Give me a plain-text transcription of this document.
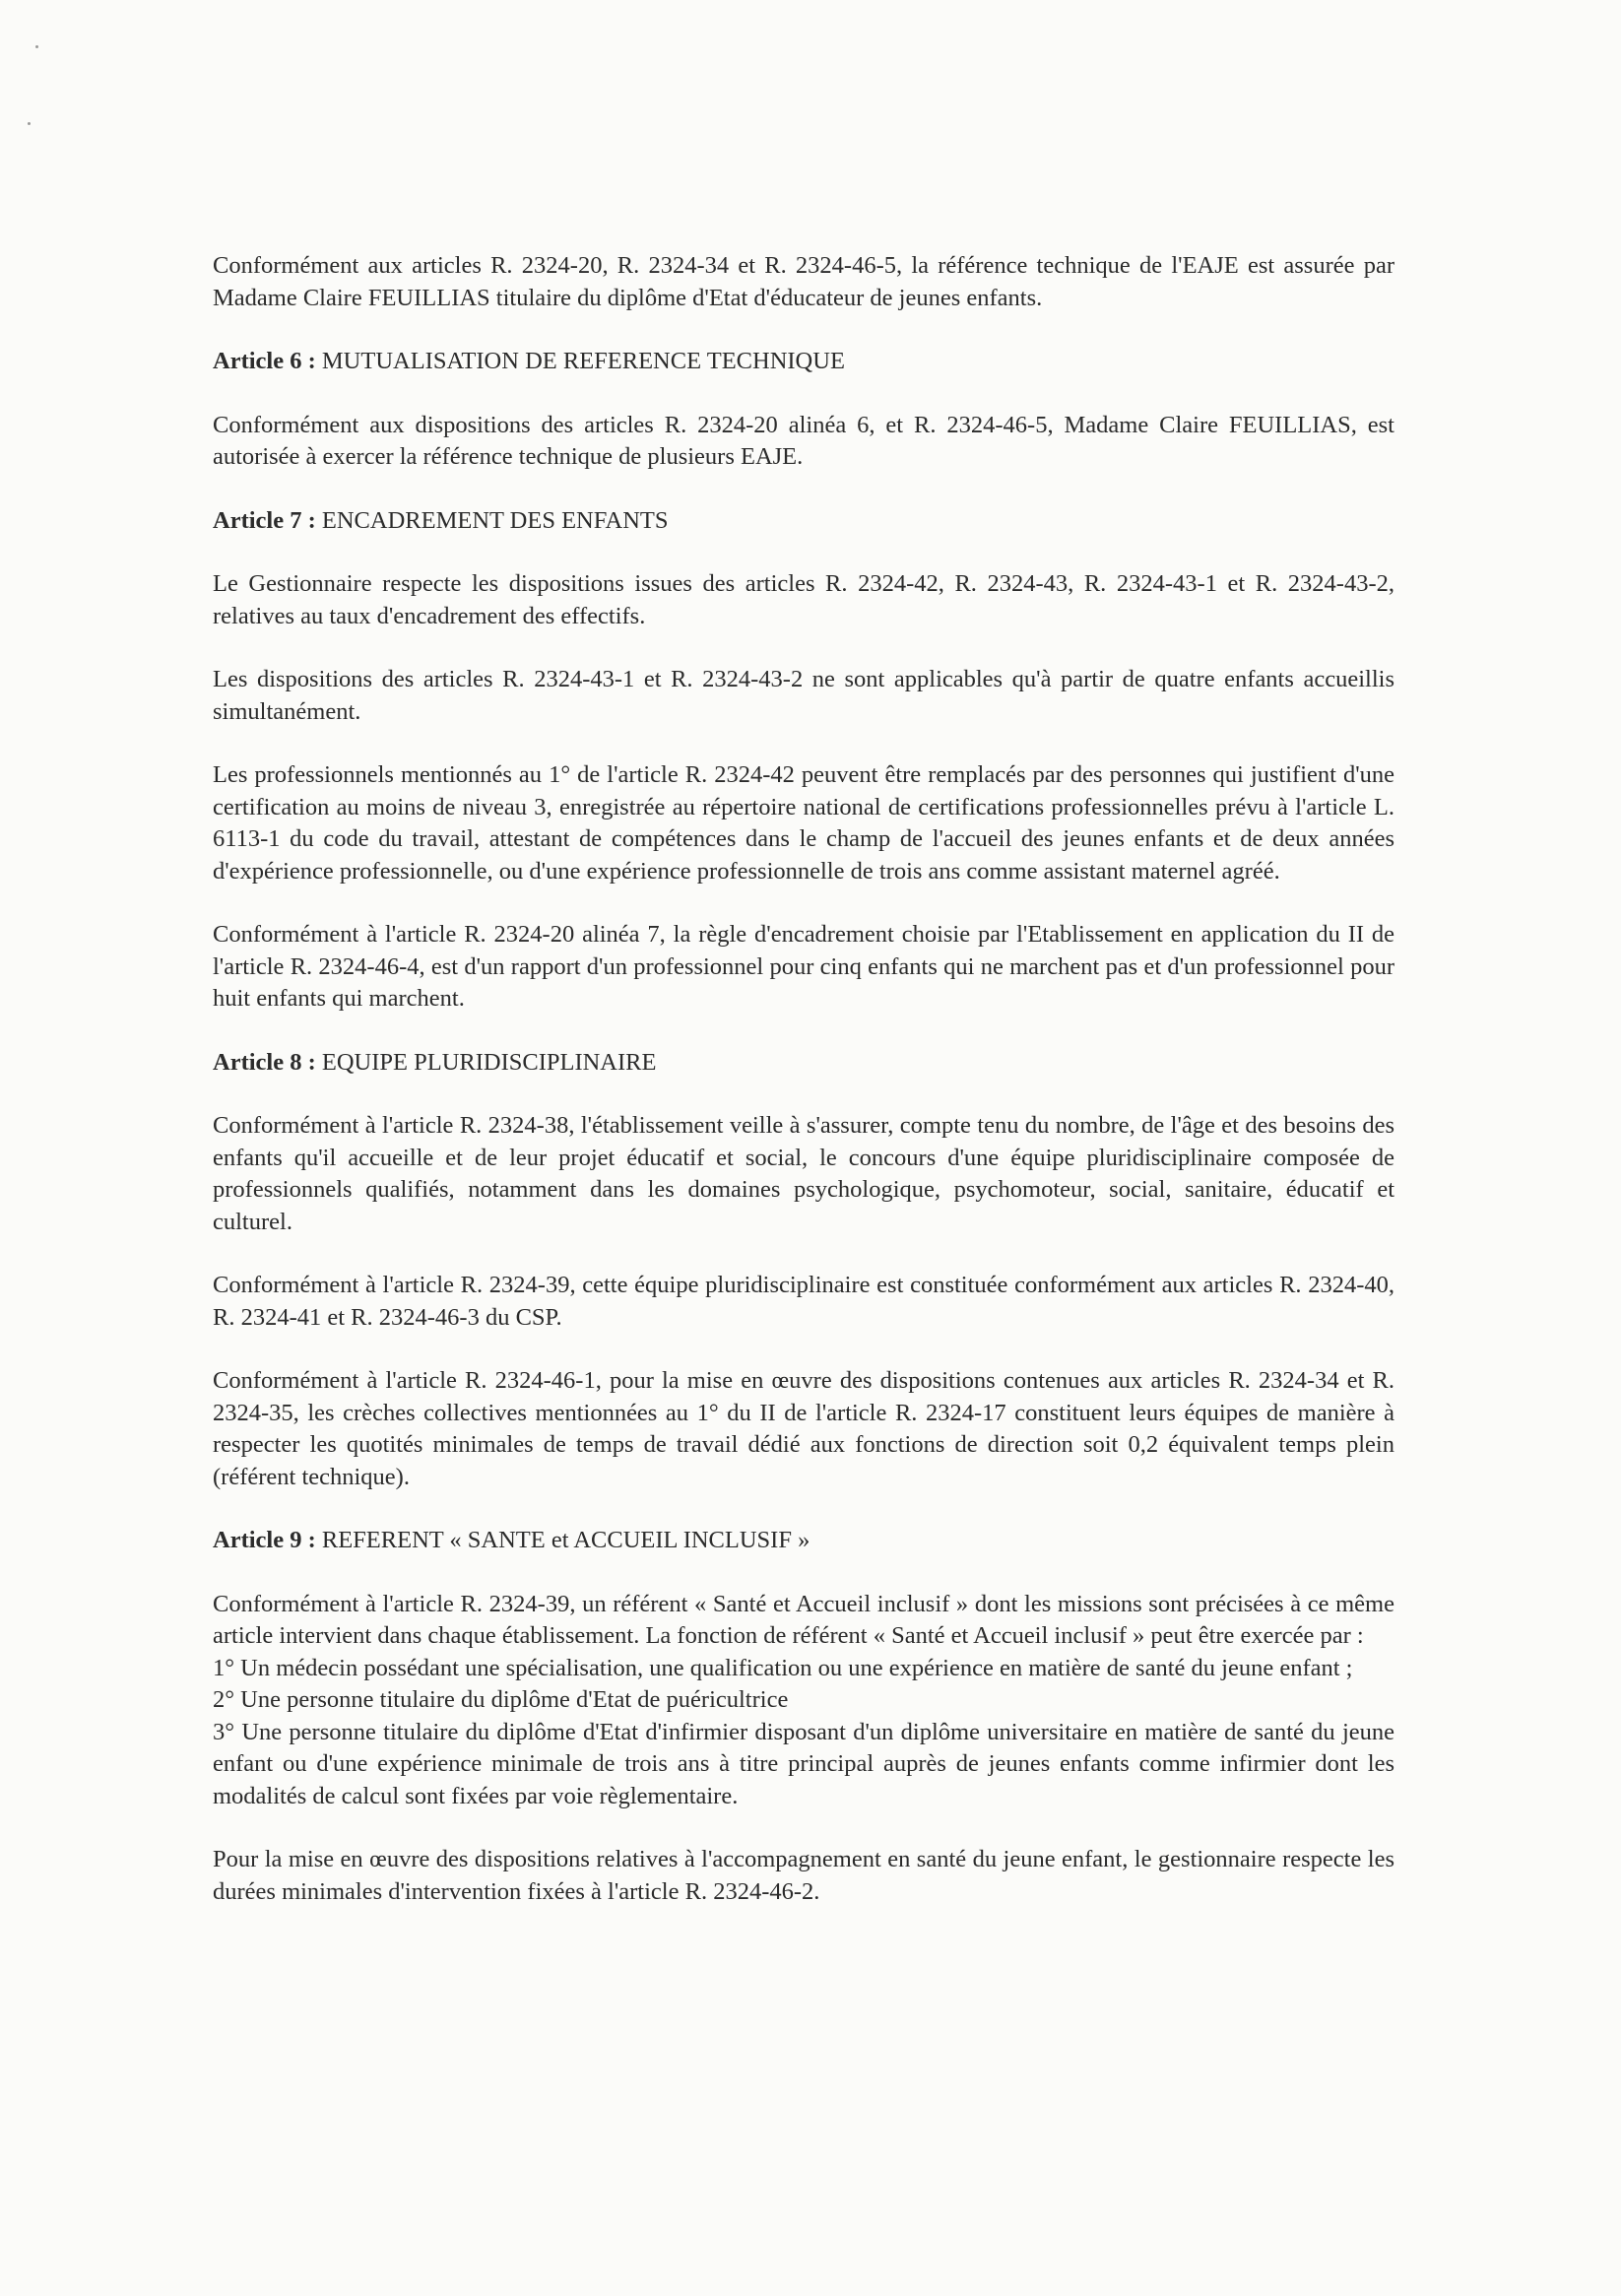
Conformément aux articles R. 2324-20, R. 2324-34 et R. 2324-46-5, la référence technique de l'EAJE est assurée par Madame Claire FEUILLIAS titulaire du diplôme d'Etat d'éducateur de jeunes enfants.

Article 6 : MUTUALISATION DE REFERENCE TECHNIQUE

Conformément aux dispositions des articles R. 2324-20 alinéa 6, et R. 2324-46-5, Madame Claire FEUILLIAS, est autorisée à exercer la référence technique de plusieurs EAJE.

Article 7 : ENCADREMENT DES ENFANTS

Le Gestionnaire respecte les dispositions issues des articles R. 2324-42, R. 2324-43, R. 2324-43-1 et R. 2324-43-2, relatives au taux d'encadrement des effectifs.

Les dispositions des articles R. 2324-43-1 et R. 2324-43-2 ne sont applicables qu'à partir de quatre enfants accueillis simultanément.

Les professionnels mentionnés au 1° de l'article R. 2324-42 peuvent être remplacés par des personnes qui justifient d'une certification au moins de niveau 3, enregistrée au répertoire national de certifications professionnelles prévu à l'article L. 6113-1 du code du travail, attestant de compétences dans le champ de l'accueil des jeunes enfants et de deux années d'expérience professionnelle, ou d'une expérience professionnelle de trois ans comme assistant maternel agréé.

Conformément à l'article R. 2324-20 alinéa 7, la règle d'encadrement choisie par l'Etablissement en application du II de l'article R. 2324-46-4, est d'un rapport d'un professionnel pour cinq enfants qui ne marchent pas et d'un professionnel pour huit enfants qui marchent.

Article 8 : EQUIPE PLURIDISCIPLINAIRE

Conformément à l'article R. 2324-38, l'établissement veille à s'assurer, compte tenu du nombre, de l'âge et des besoins des enfants qu'il accueille et de leur projet éducatif et social, le concours d'une équipe pluridisciplinaire composée de professionnels qualifiés, notamment dans les domaines psychologique, psychomoteur, social, sanitaire, éducatif et culturel.

Conformément à l'article R. 2324-39, cette équipe pluridisciplinaire est constituée conformément aux articles R. 2324-40, R. 2324-41 et R. 2324-46-3 du CSP.

Conformément à l'article R. 2324-46-1, pour la mise en œuvre des dispositions contenues aux articles R. 2324-34 et R. 2324-35, les crèches collectives mentionnées au 1° du II de l'article R. 2324-17 constituent leurs équipes de manière à respecter les quotités minimales de temps de travail dédié aux fonctions de direction soit 0,2 équivalent temps plein (référent technique).

Article 9 : REFERENT « SANTE et ACCUEIL INCLUSIF »

Conformément à l'article R. 2324-39, un référent « Santé et Accueil inclusif » dont les missions sont précisées à ce même article intervient dans chaque établissement. La fonction de référent « Santé et Accueil inclusif » peut être exercée par :

1° Un médecin possédant une spécialisation, une qualification ou une expérience en matière de santé du jeune enfant ;

2° Une personne titulaire du diplôme d'Etat de puéricultrice

3° Une personne titulaire du diplôme d'Etat d'infirmier disposant d'un diplôme universitaire en matière de santé du jeune enfant ou d'une expérience minimale de trois ans à titre principal auprès de jeunes enfants comme infirmier dont les modalités de calcul sont fixées par voie règlementaire.

Pour la mise en œuvre des dispositions relatives à l'accompagnement en santé du jeune enfant, le gestionnaire respecte les durées minimales d'intervention fixées à l'article R. 2324-46-2.
